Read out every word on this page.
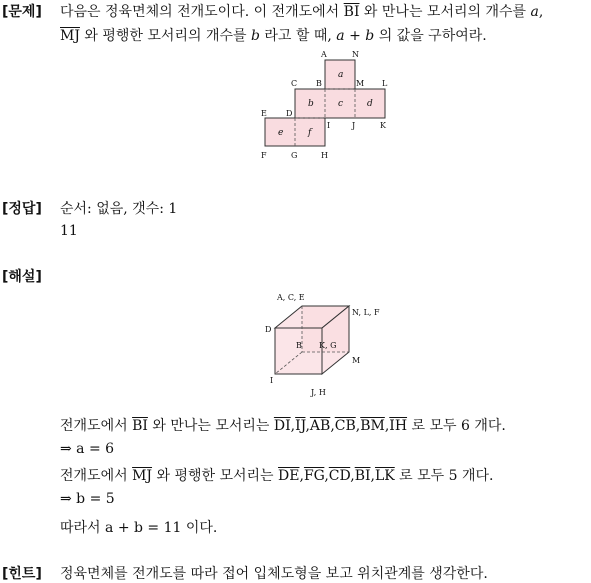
[문제] 다음은 정육면체의 전개도이다. 이 전개도에서 $\overline{BI}$ 와 만나는 모서리의 개수를 a,
$\overline{MJ}$ 와 평행한 모서리의 개수를 b 라고 할 때, a + b 의 값을 구하여라.
A	N
C B	M L
E D
I	J	K
F	G	H
a
b	c	d
e	f
[정답] 순서: 없음, 갯수: 1
11
[해설]
A, C, E
N, L, F
D
B K, G
M
I
J, H
전개도에서 $\overline{BI}$ 와 만나는 모서리는 $\overline{DI},\overline{IJ},\overline{AB},\overline{CB},\overline{BM},\overline{IH}$ 로 모두 6 개다.
⇒ a = 6
전개도에서 $\overline{MJ}$ 와 평행한 모서리는 $\overline{DE},\overline{FG},\overline{CD},\overline{BI},\overline{LK}$ 로 모두 5 개다.
⇒ b = 5
따라서 a + b = 11 이다.
[힌트] 정육면체를 전개도를 따라 접어 입체도형을 보고 위치관계를 생각한다.
